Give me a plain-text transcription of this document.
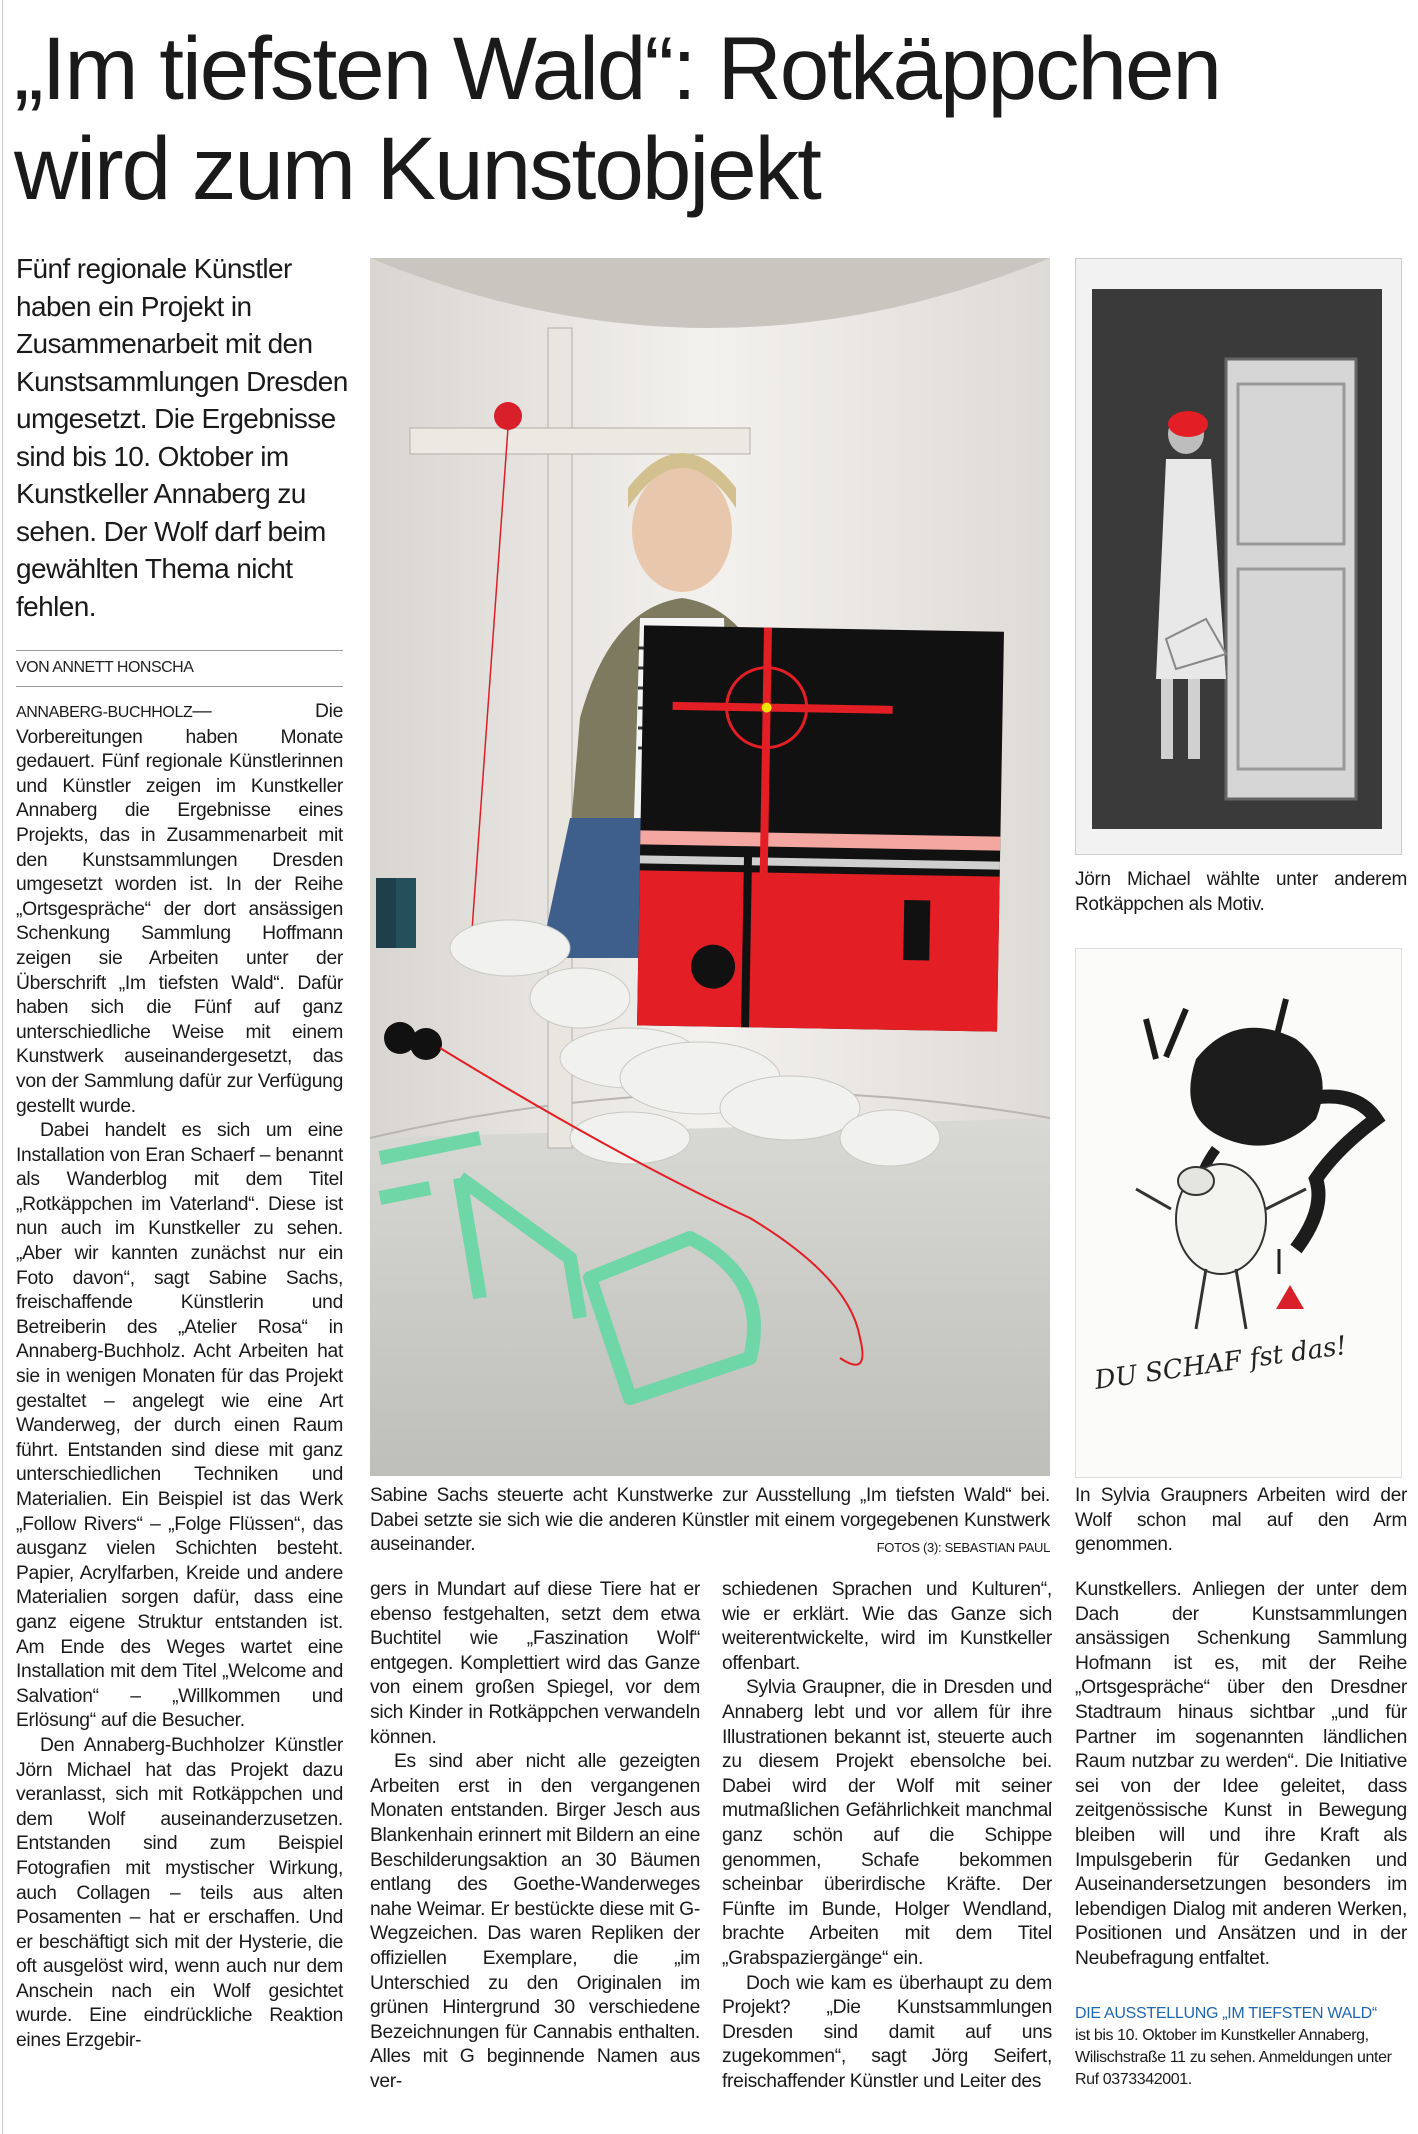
„Im tiefsten Wald“: Rotkäppchen
wird zum Kunstobjekt

Fünf regionale Künstler haben ein Projekt in Zusammenarbeit mit den Kunstsammlungen Dresden umgesetzt. Die Ergebnisse sind bis 10. Oktober im Kunstkeller Annaberg zu sehen. Der Wolf darf beim gewählten Thema nicht fehlen.

VON ANNETT HONSCHA
Jörn Michael wählte unter anderem Rotkäppchen als Motiv.
DU SCHAF fst das!
In Sylvia Graupners Arbeiten wird der Wolf schon mal auf den Arm genommen.
Sabine Sachs steuerte acht Kunstwerke zur Ausstellung „Im tiefsten Wald“ bei. Dabei setzte sie sich wie die anderen Künstler mit einem vorgegebenen Kunstwerk auseinander.	FOTOS (3): SEBASTIAN PAUL

ANNABERG-BUCHHOLZ— Die Vorbereitungen haben Monate gedauert. Fünf regionale Künstlerinnen und Künstler zeigen im Kunstkeller Annaberg die Ergebnisse eines Projekts, das in Zusammenarbeit mit den Kunstsammlungen Dresden umgesetzt worden ist. In der Reihe „Ortsgespräche“ der dort ansässigen Schenkung Sammlung Hoffmann zeigen sie Arbeiten unter der Überschrift „Im tiefsten Wald“. Dafür haben sich die Fünf auf ganz unterschiedliche Weise mit einem Kunstwerk auseinandergesetzt, das von der Sammlung dafür zur Verfügung gestellt wurde.

Dabei handelt es sich um eine Installation von Eran Schaerf – benannt als Wanderblog mit dem Titel „Rotkäppchen im Vaterland“. Diese ist nun auch im Kunstkeller zu sehen. „Aber wir kannten zunächst nur ein Foto davon“, sagt Sabine Sachs, freischaffende Künstlerin und Betreiberin des „Atelier Rosa“ in Annaberg-Buchholz. Acht Arbeiten hat sie in wenigen Monaten für das Projekt gestaltet – angelegt wie eine Art Wanderweg, der durch einen Raum führt. Entstanden sind diese mit ganz unterschiedlichen Techniken und Materialien. Ein Beispiel ist das Werk „Follow Rivers“ – „Folge Flüssen“, das ausganz vielen Schichten besteht. Papier, Acrylfarben, Kreide und andere Materialien sorgen dafür, dass eine ganz eigene Struktur entstanden ist. Am Ende des Weges wartet eine Installation mit dem Titel „Welcome and Salvation“ – „Willkommen und Erlösung“ auf die Besucher.

Den Annaberg-Buchholzer Künstler Jörn Michael hat das Projekt dazu veranlasst, sich mit Rotkäppchen und dem Wolf auseinanderzusetzen. Entstanden sind zum Beispiel Fotografien mit mystischer Wirkung, auch Collagen – teils aus alten Posamenten – hat er erschaffen. Und er beschäftigt sich mit der Hysterie, die oft ausgelöst wird, wenn auch nur dem Anschein nach ein Wolf gesichtet wurde. Eine eindrückliche Reaktion eines Erzgebir-

gers in Mundart auf diese Tiere hat er ebenso festgehalten, setzt dem etwa Buchtitel wie „Faszination Wolf“ entgegen. Komplettiert wird das Ganze von einem großen Spiegel, vor dem sich Kinder in Rotkäppchen verwandeln können.

Es sind aber nicht alle gezeigten Arbeiten erst in den vergangenen Monaten entstanden. Birger Jesch aus Blankenhain erinnert mit Bildern an eine Beschilderungsaktion an 30 Bäumen entlang des Goethe-Wanderweges nahe Weimar. Er bestückte diese mit G-Wegzeichen. Das waren Repliken der offiziellen Exemplare, die „im Unterschied zu den Originalen im grünen Hintergrund 30 verschiedene Bezeichnungen für Cannabis enthalten. Alles mit G beginnende Namen aus ver-

schiedenen Sprachen und Kulturen“, wie er erklärt. Wie das Ganze sich weiterentwickelte, wird im Kunstkeller offenbart.

Sylvia Graupner, die in Dresden und Annaberg lebt und vor allem für ihre Illustrationen bekannt ist, steuerte auch zu diesem Projekt ebensolche bei. Dabei wird der Wolf mit seiner mutmaßlichen Gefährlichkeit manchmal ganz schön auf die Schippe genommen, Schafe bekommen scheinbar überirdische Kräfte. Der Fünfte im Bunde, Holger Wendland, brachte Arbeiten mit dem Titel „Grabspaziergänge“ ein.

Doch wie kam es überhaupt zu dem Projekt? „Die Kunstsammlungen Dresden sind damit auf uns zugekommen“, sagt Jörg Seifert, freischaffender Künstler und Leiter des

Kunstkellers. Anliegen der unter dem Dach der Kunstsammlungen ansässigen Schenkung Sammlung Hofmann ist es, mit der Reihe „Ortsgespräche“ über den Dresdner Stadtraum hinaus sichtbar „und für Partner im sogenannten ländlichen Raum nutzbar zu werden“. Die Initiative sei von der Idee geleitet, dass zeitgenössische Kunst in Bewegung bleiben will und ihre Kraft als Impulsgeberin für Gedanken und Auseinandersetzungen besonders im lebendigen Dialog mit anderen Werken, Positionen und Ansätzen und in der Neubefragung entfaltet.

DIE AUSSTELLUNG „IM TIEFSTEN WALD“
ist bis 10. Oktober im Kunstkeller Annaberg, Wilischstraße 11 zu sehen. Anmeldungen unter Ruf 0373342001.
